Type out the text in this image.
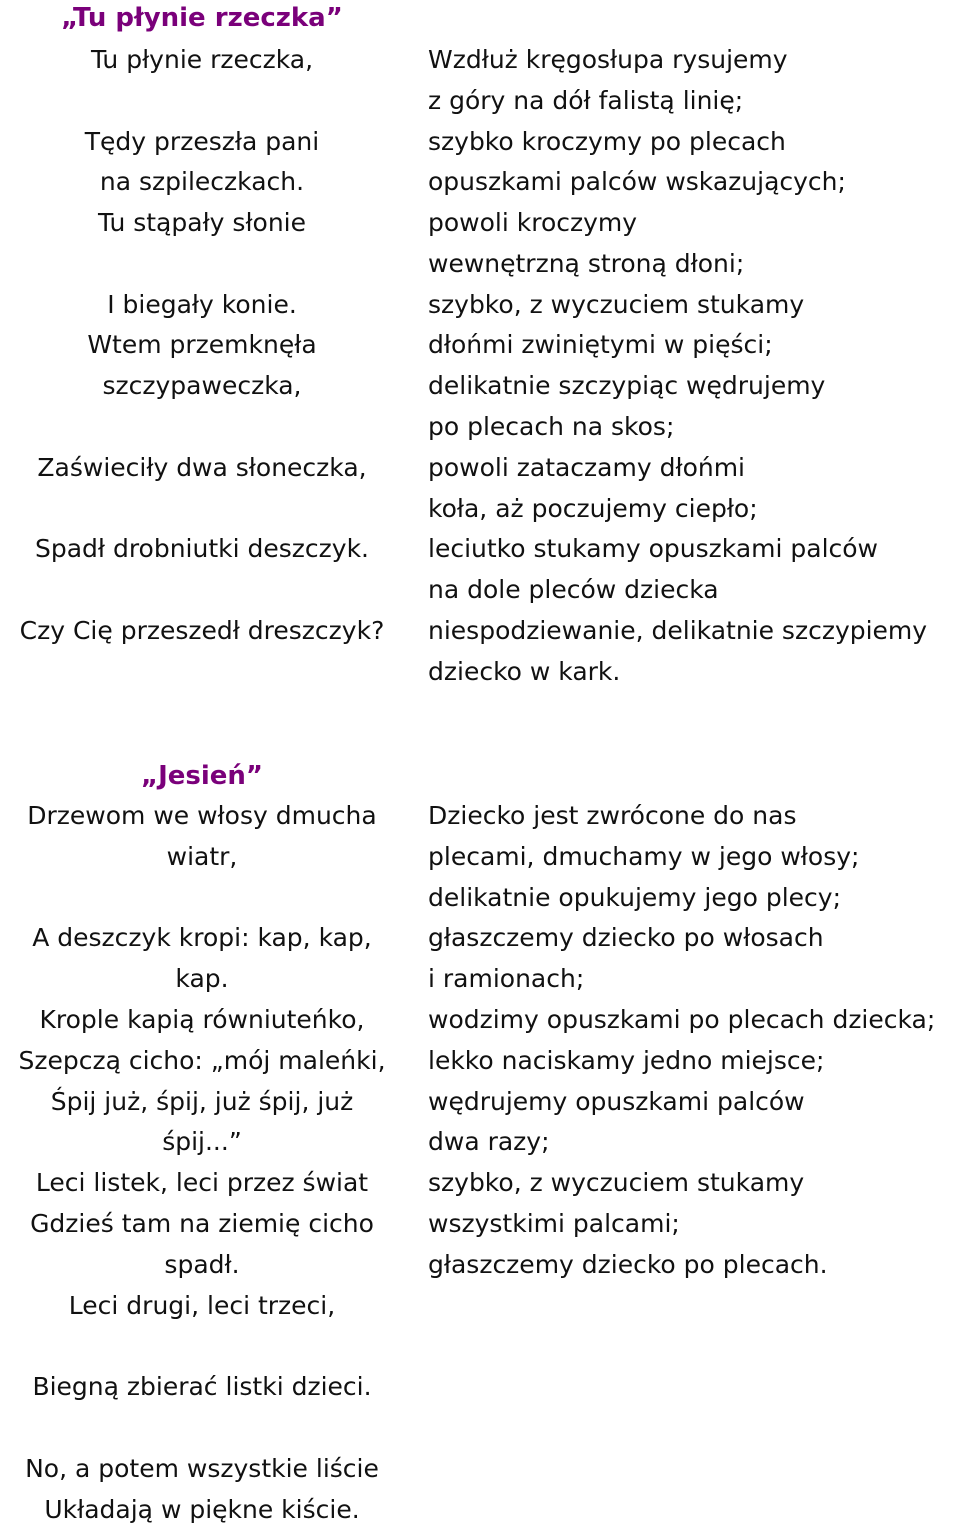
„Tu płynie rzeczka”
Tu płynie rzeczka,
Tędy przeszła pani
na szpileczkach.
Tu stąpały słonie
I biegały konie.
Wtem przemknęła
szczypaweczka,
Zaświeciły dwa słoneczka,
Spadł drobniutki deszczyk.
Czy Cię przeszedł dreszczyk?
Wzdłuż kręgosłupa rysujemy
z góry na dół falistą linię;
szybko kroczymy po plecach
opuszkami palców wskazujących;
powoli kroczymy
wewnętrzną stroną dłoni;
szybko, z wyczuciem stukamy
dłońmi zwiniętymi w pięści;
delikatnie szczypiąc wędrujemy
po plecach na skos;
powoli zataczamy dłońmi
koła, aż poczujemy ciepło;
leciutko stukamy opuszkami palców
na dole pleców dziecka
niespodziewanie, delikatnie szczypiemy
dziecko w kark.
„Jesień”
Drzewom we włosy dmucha
wiatr,
A deszczyk kropi: kap, kap,
kap.
Krople kapią równiuteńko,
Szepczą cicho: „mój maleńki,
Śpij już, śpij, już śpij, już
śpij...”
Leci listek, leci przez świat
Gdzieś tam na ziemię cicho
spadł.
Leci drugi, leci trzeci,
Biegną zbierać listki dzieci.
No, a potem wszystkie liście
Układają w piękne kiście.
Dziecko jest zwrócone do nas
plecami, dmuchamy w jego włosy;
delikatnie opukujemy jego plecy;
głaszczemy dziecko po włosach
i ramionach;
wodzimy opuszkami po plecach dziecka;
lekko naciskamy jedno miejsce;
wędrujemy opuszkami palców
dwa razy;
szybko, z wyczuciem stukamy
wszystkimi palcami;
głaszczemy dziecko po plecach.
